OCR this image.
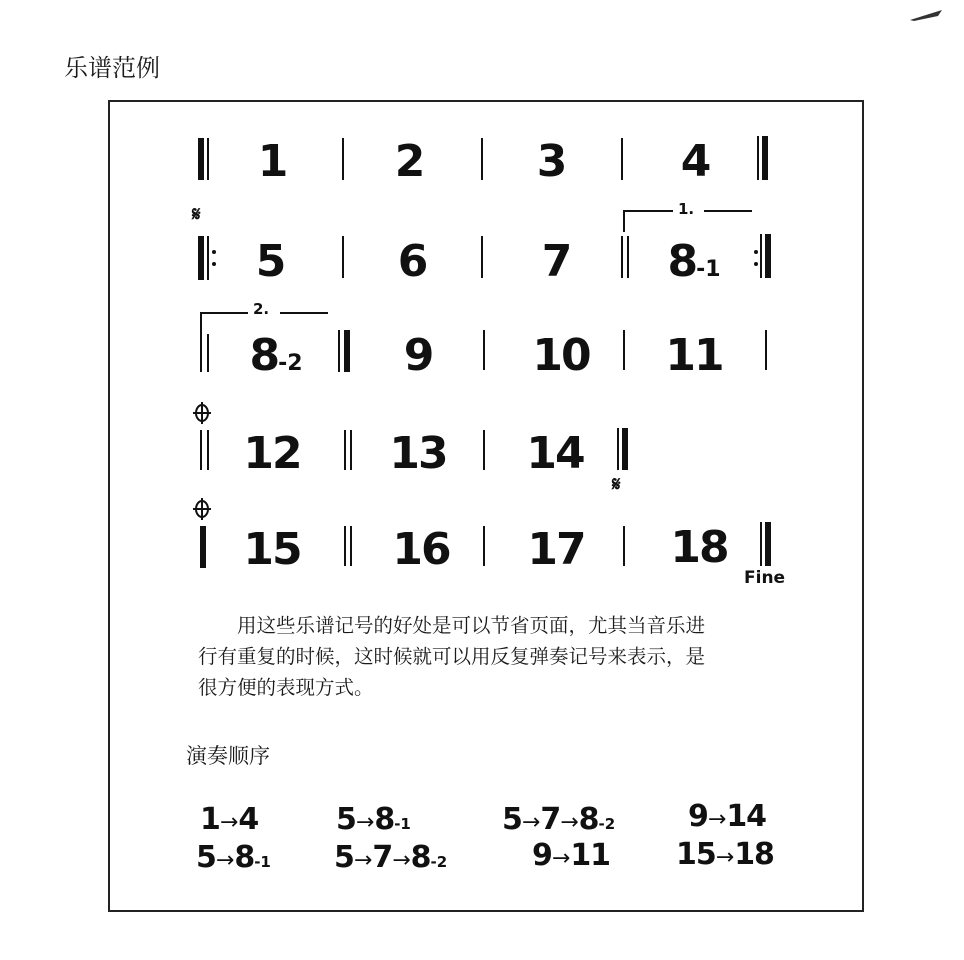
乐谱范例
1 2	3	4
𝄋
5	6	7
1.
8-1
2.
8-2 9 10 11
12 13 14
𝄋
15 16 17 18
Fine
用这些乐谱记号的好处是可以节省页面，尤其当音乐进
行有重复的时候，这时候就可以用反复弹奏记号来表示，是
很方便的表现方式。
演奏顺序
1→4	5→8-1	5→7→8-2 9→14
5→8-1 5→7→8-2	9→11 15→18
